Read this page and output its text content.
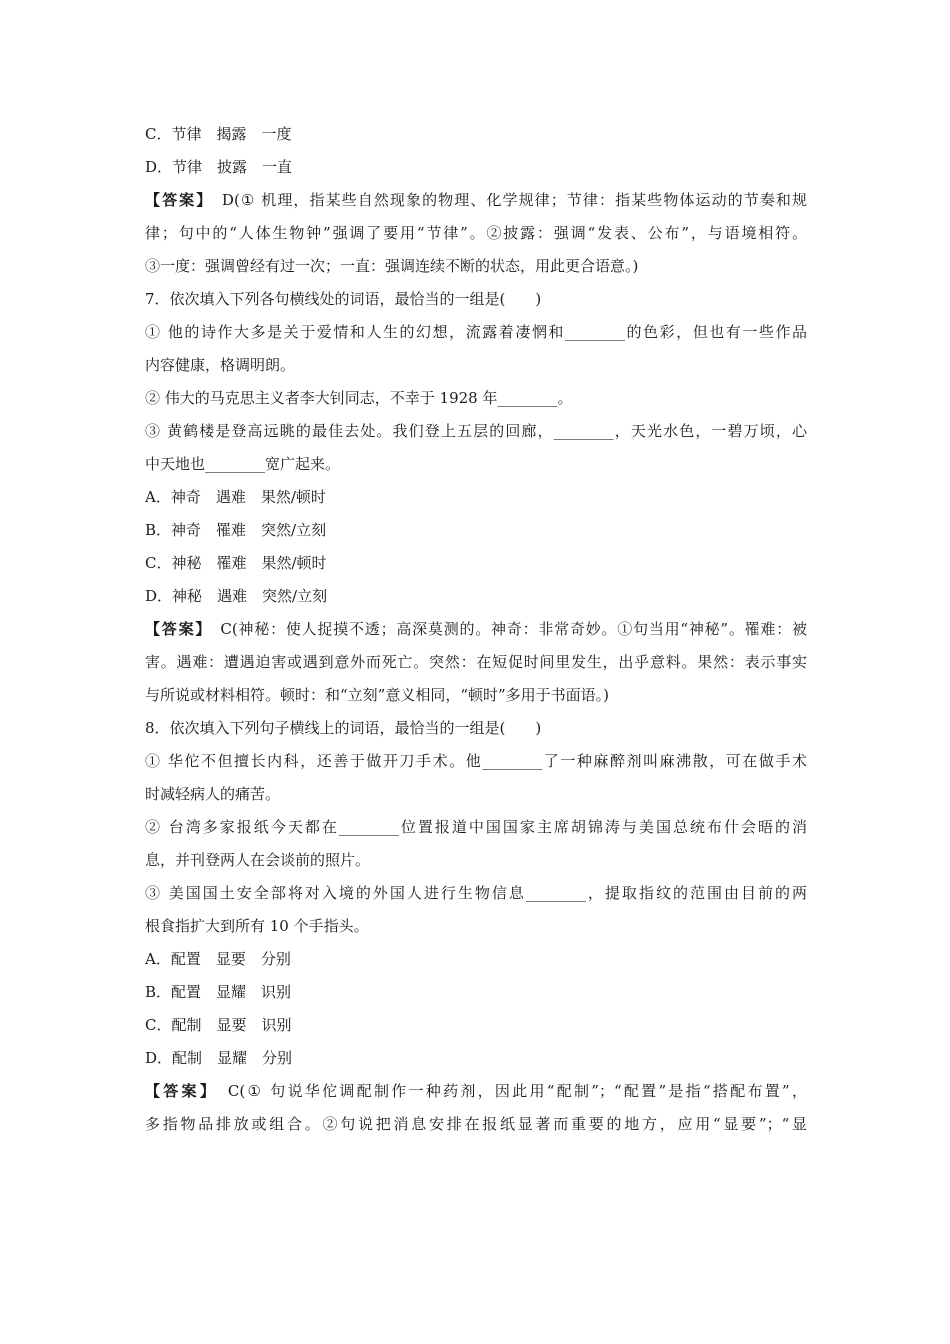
C．节律　揭露　一度
D．节律　披露　一直
【答案】　D(① 机理，指某些自然现象的物理、化学规律；节律：指某些物体运动的节奏和规
律；句中的“人体生物钟”强调了要用“节律”。②披露：强调“发表、公布”，与语境相符。
③一度：强调曾经有过一次；一直：强调连续不断的状态，用此更合语意。)
7．依次填入下列各句横线处的词语，最恰当的一组是(　　)
① 他的诗作大多是关于爱情和人生的幻想，流露着凄惘和________的色彩，但也有一些作品
内容健康，格调明朗。
② 伟大的马克思主义者李大钊同志，不幸于 1928 年________。
③ 黄鹤楼是登高远眺的最佳去处。我们登上五层的回廊，________，天光水色，一碧万顷，心
中天地也________宽广起来。
A．神奇　遇难　果然/顿时
B．神奇　罹难　突然/立刻
C．神秘　罹难　果然/顿时
D．神秘　遇难　突然/立刻
【答案】　C(神秘：使人捉摸不透；高深莫测的。神奇：非常奇妙。①句当用“神秘”。罹难：被
害。遇难：遭遇迫害或遇到意外而死亡。突然：在短促时间里发生，出乎意料。果然：表示事实
与所说或材料相符。顿时：和“立刻”意义相同，“顿时”多用于书面语。)
8．依次填入下列句子横线上的词语，最恰当的一组是(　　)
① 华佗不但擅长内科，还善于做开刀手术。他________了一种麻醉剂叫麻沸散，可在做手术
时减轻病人的痛苦。
② 台湾多家报纸今天都在________位置报道中国国家主席胡锦涛与美国总统布什会晤的消
息，并刊登两人在会谈前的照片。
③ 美国国土安全部将对入境的外国人进行生物信息________，提取指纹的范围由目前的两
根食指扩大到所有 10 个手指头。
A．配置　显要　分别
B．配置　显耀　识别
C．配制　显要　识别
D．配制　显耀　分别
【答案】　C(① 句说华佗调配制作一种药剂，因此用“配制”；“配置”是指“搭配布置”，
多指物品排放或组合。②句说把消息安排在报纸显著而重要的地方，应用“显要”；“显
